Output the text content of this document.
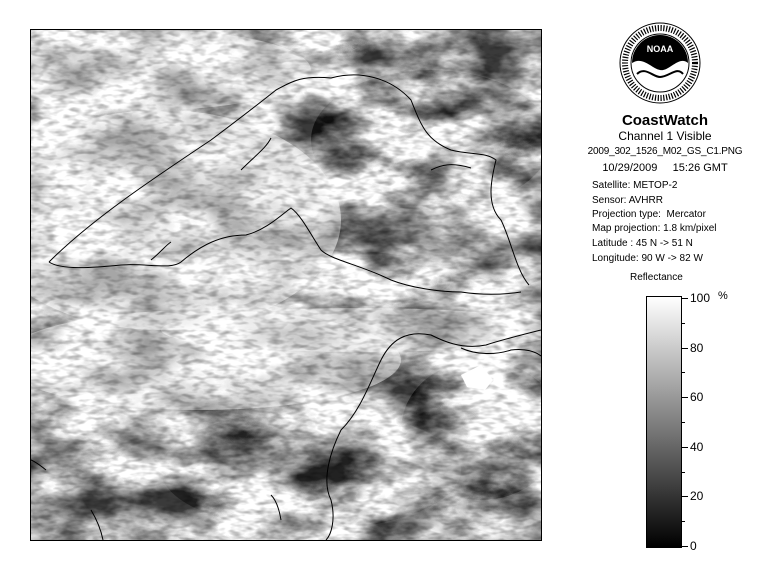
NOAA
CoastWatch
Channel 1 Visible
2009_302_1526_M02_GS_C1.PNG
10/29/2009 15:26 GMT
Satellite: METOP-2
Sensor: AVHRR
Projection type:  Mercator
Map projection: 1.8 km/pixel
Latitude : 45 N -> 51 N
Longitude: 90 W -> 82 W
Reflectance
%
100
80
60
40
20
0
